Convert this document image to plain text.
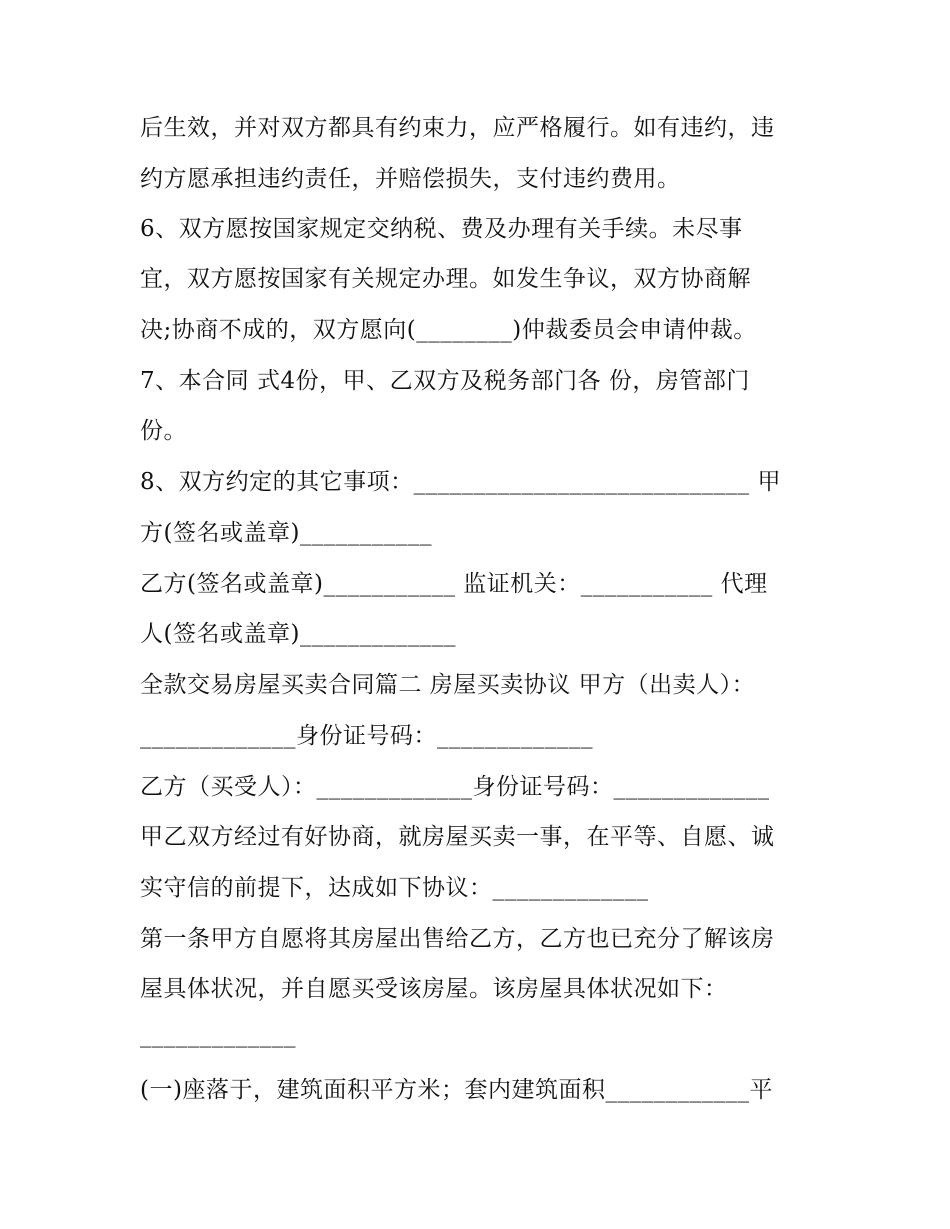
后生效，并对双方都具有约束力，应严格履行。如有违约，违
约方愿承担违约责任，并赔偿损失，支付违约费用。
6、双方愿按国家规定交纳税、费及办理有关手续。未尽事
宜，双方愿按国家有关规定办理。如发生争议，双方协商解
决;协商不成的，双方愿向(________)仲裁委员会申请仲裁。
7、本合同 式4份，甲、乙双方及税务部门各 份，房管部门
份。
8、双方约定的其它事项：____________________________ 甲
方(签名或盖章)___________
乙方(签名或盖章)___________ 监证机关：___________ 代理
人(签名或盖章)_____________
全款交易房屋买卖合同篇二 房屋买卖协议 甲方（出卖人）：
_____________身份证号码：_____________
乙方（买受人）：_____________身份证号码：_____________
甲乙双方经过有好协商，就房屋买卖一事，在平等、自愿、诚
实守信的前提下，达成如下协议：_____________
第一条甲方自愿将其房屋出售给乙方，乙方也已充分了解该房
屋具体状况，并自愿买受该房屋。该房屋具体状况如下：
_____________
(一)座落于，建筑面积平方米；套内建筑面积____________平
